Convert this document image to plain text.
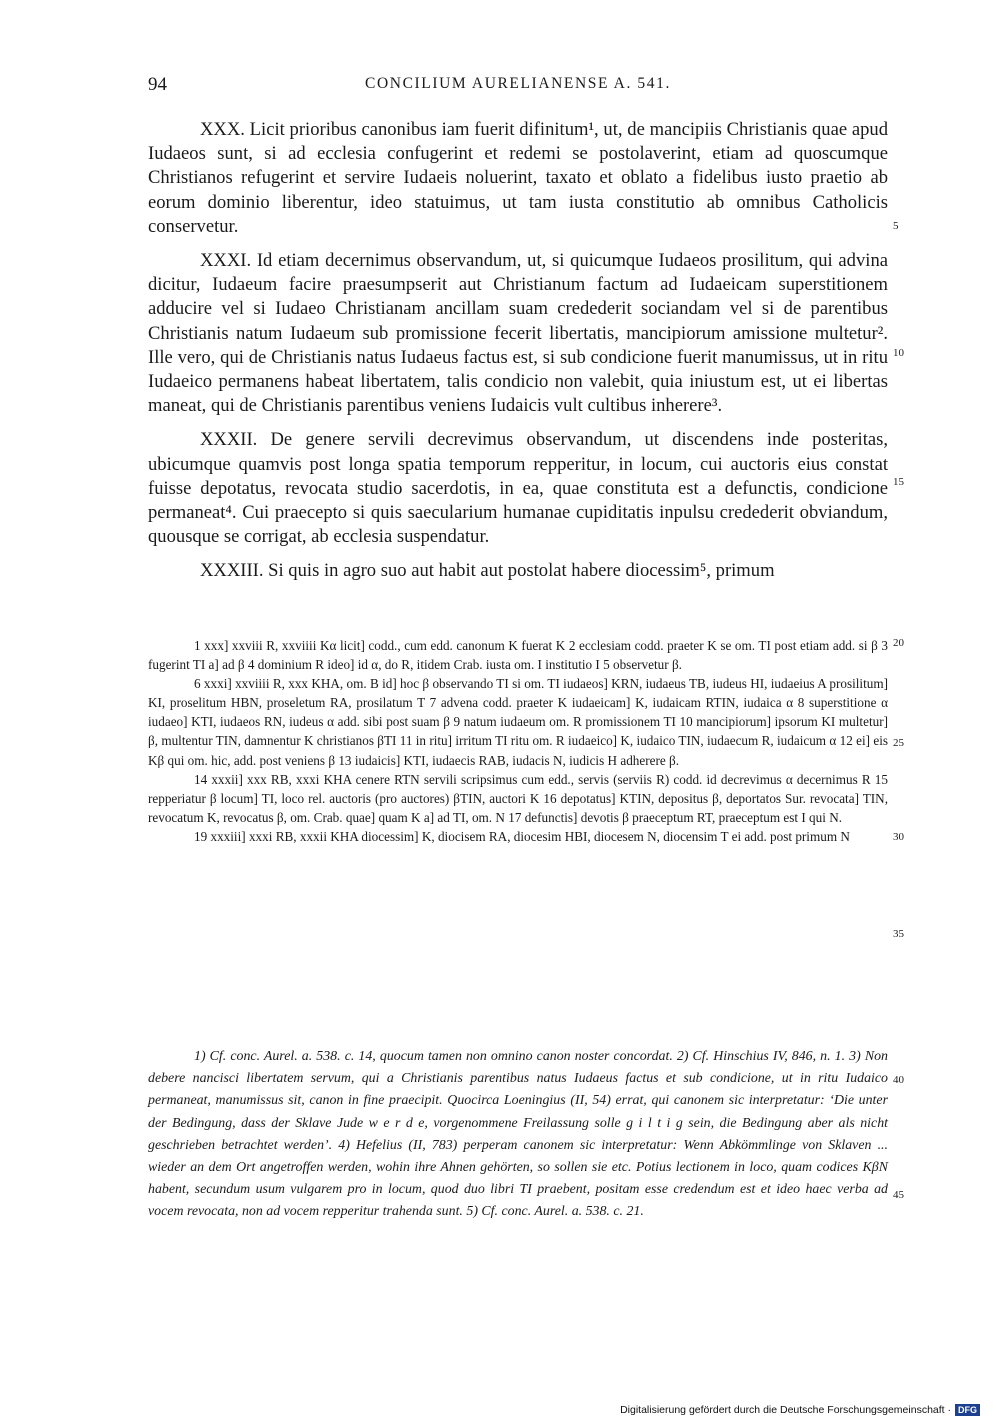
94	CONCILIUM AURELIANENSE A. 541.

XXX. Licit prioribus canonibus iam fuerit difinitum¹, ut, de mancipiis Christianis quae apud Iudaeos sunt, si ad ecclesia confugerint et redemi se postolaverint, etiam ad quoscumque Christianos refugerint et servire Iudaeis noluerint, taxato et oblato a fidelibus iusto praetio ab eorum dominio liberentur, ideo statuimus, ut tam iusta constitutio ab omnibus Catholicis conservetur.

XXXI. Id etiam decernimus observandum, ut, si quicumque Iudaeos prosilitum, qui advina dicitur, Iudaeum facire praesumpserit aut Christianum factum ad Iudaeicam superstitionem adducire vel si Iudaeo Christianam ancillam suam credederit sociandam vel si de parentibus Christianis natum Iudaeum sub promissione fecerit libertatis, mancipiorum amissione multetur². Ille vero, qui de Christianis natus Iudaeus factus est, si sub condicione fuerit manumissus, ut in ritu Iudaeico permanens habeat libertatem, talis condicio non valebit, quia iniustum est, ut ei libertas maneat, qui de Christianis parentibus veniens Iudaicis vult cultibus inherere³.

XXXII. De genere servili decrevimus observandum, ut discendens inde posteritas, ubicumque quamvis post longa spatia temporum repperitur, in locum, cui auctoris eius constat fuisse depotatus, revocata studio sacerdotis, in ea, quae constituta est a defunctis, condicione permaneat⁴. Cui praecepto si quis saecularium humanae cupiditatis inpulsu credederit obviandum, quousque se corrigat, ab ecclesia suspendatur.

XXXIII. Si quis in agro suo aut habit aut postolat habere diocessim⁵, primum

1 xxx] xxviii R, xxviiii Kα licit] codd., cum edd. canonum K fuerat K 2 ecclesiam codd. praeter K se om. TI post etiam add. si β 3 fugerint TI a] ad β 4 dominium R ideo] id α, do R, itidem Crab. iusta om. I institutio I 5 observetur β.

6 xxxi] xxviiii R, xxx KHA, om. B id] hoc β observando TI si om. TI iudaeos] KRN, iudaeus TB, iudeus HI, iudaeius A prosilitum] KI, proselitum HBN, proseletum RA, prosilatum T 7 advena codd. praeter K iudaeicam] K, iudaicam RTIN, iudaica α 8 superstitione α iudaeo] KTI, iudaeos RN, iudeus α add. sibi post suam β 9 natum iudaeum om. R promissionem TI 10 mancipiorum] ipsorum KI multetur] β, multentur TIN, damnentur K christianos βTI 11 in ritu] irritum TI ritu om. R iudaeico] K, iudaico TIN, iudaecum R, iudaicum α 12 ei] eis Kβ qui om. hic, add. post veniens β 13 iudaicis] KTI, iudaecis RAB, iudacis N, iudicis H adherere β.

14 xxxii] xxx RB, xxxi KHA cenere RTN servili scripsimus cum edd., servis (serviis R) codd. id decrevimus α decernimus R 15 repperiatur β locum] TI, loco rel. auctoris (pro auctores) βTIN, auctori K 16 depotatus] KTIN, depositus β, deportatos Sur. revocata] TIN, revocatum K, revocatus β, om. Crab. quae] quam K a] ad TI, om. N 17 defunctis] devotis β praeceptum RT, praeceptum est I qui N.

19 xxxiii] xxxi RB, xxxii KHA diocessim] K, diocisem RA, diocesim HBI, diocesem N, diocensim T ei add. post primum N

1) Cf. conc. Aurel. a. 538. c. 14, quocum tamen non omnino canon noster concordat. 2) Cf. Hinschius IV, 846, n. 1. 3) Non debere nancisci libertatem servum, qui a Christianis parentibus natus Iudaeus factus et sub condicione, ut in ritu Iudaico permaneat, manumissus sit, canon in fine praecipit. Quocirca Loeningius (II, 54) errat, qui canonem sic interpretatur: ‘Die unter der Bedingung, dass der Sklave Jude w e r d e, vorgenommene Freilassung solle g i l t i g sein, die Bedingung aber als nicht geschrieben betrachtet werden’. 4) Hefelius (II, 783) perperam canonem sic interpretatur: Wenn Abkömmlinge von Sklaven ... wieder an dem Ort angetroffen werden, wohin ihre Ahnen gehörten, so sollen sie etc. Potius lectionem in loco, quam codices KβN habent, secundum usum vulgarem pro in locum, quod duo libri TI praebent, positam esse credendum est et ideo haec verba ad vocem revocata, non ad vocem repperitur trahenda sunt. 5) Cf. conc. Aurel. a. 538. c. 21.

5
10
15
20
25
30
35
40
45
Digitalisierung gefördert durch die Deutsche Forschungsgemeinschaft · DFG
